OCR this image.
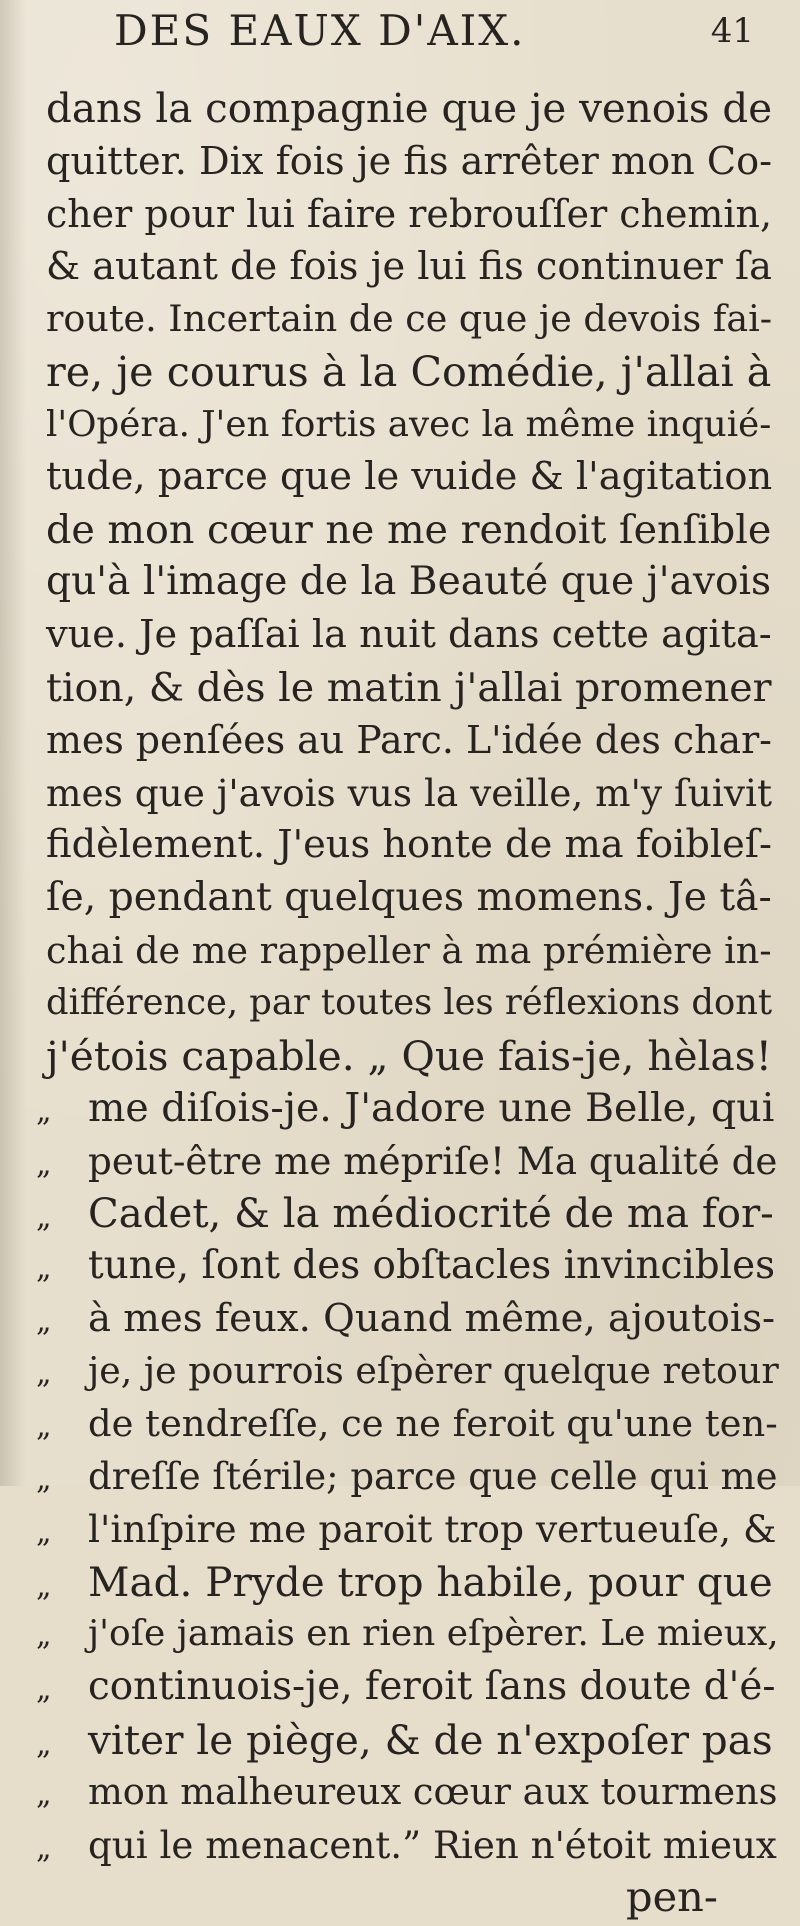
DES EAUX D'AIX.	41
dans la compagnie que je venois de
quitter. Dix fois je fis arrêter mon Co-
cher pour lui faire rebrouſſer chemin,
& autant de fois je lui fis continuer ſa
route. Incertain de ce que je devois fai-
re, je courus à la Comédie, j'allai à
l'Opéra. J'en fortis avec la même inquié-
tude, parce que le vuide & l'agitation
de mon cœur ne me rendoit ſenſible
qu'à l'image de la Beauté que j'avois
vue. Je paſſai la nuit dans cette agita-
tion, & dès le matin j'allai promener
mes penſées au Parc. L'idée des char-
mes que j'avois vus la veille, m'y ſuivit
fidèlement. J'eus honte de ma foibleſ-
ſe, pendant quelques momens. Je tâ-
chai de me rappeller à ma prémière in-
différence, par toutes les réflexions dont
j'étois capable. „ Que fais-je, hèlas!
„ me diſois-je. J'adore une Belle, qui
„ peut-être me mépriſe! Ma qualité de
„ Cadet, & la médiocrité de ma for-
„ tune, ſont des obſtacles invincibles
„ à mes feux. Quand même, ajoutois-
„ je, je pourrois eſpèrer quelque retour
„ de tendreſſe, ce ne feroit qu'une ten-
„ dreſſe ſtérile; parce que celle qui me
„ l'inſpire me paroit trop vertueuſe, &
„ Mad. Pryde trop habile, pour que
„ j'oſe jamais en rien eſpèrer. Le mieux,
„ continuois-je, feroit ſans doute d'é-
„ viter le piège, & de n'expoſer pas
„ mon malheureux cœur aux tourmens
„ qui le menacent.” Rien n'étoit mieux
pen-
